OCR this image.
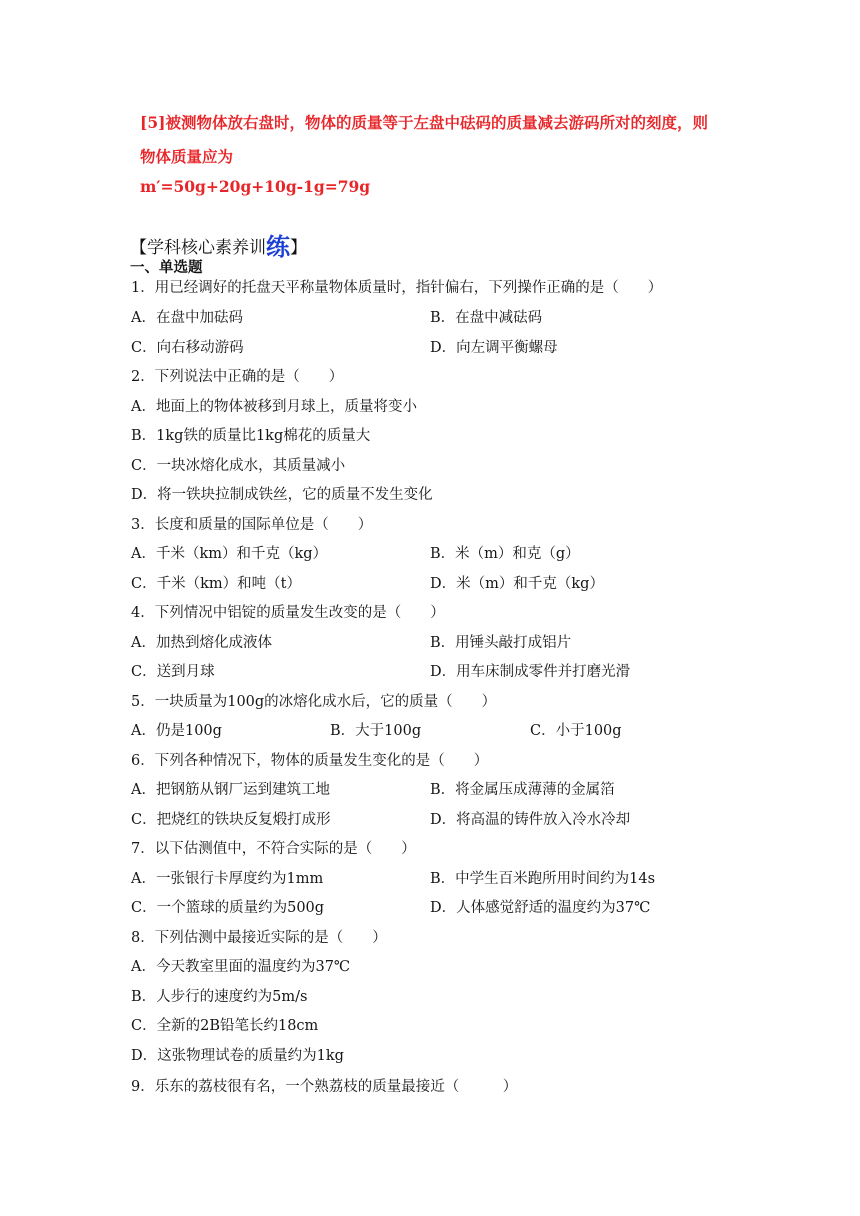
[5]被测物体放右盘时，物体的质量等于左盘中砝码的质量减去游码所对的刻度，则
物体质量应为
m′=50g+20g+10g-1g=79g
【学科核心素养训练】
一、单选题
1．用已经调好的托盘天平称量物体质量时，指针偏右，下列操作正确的是（　　）
A．在盘中加砝码	B．在盘中减砝码
C．向右移动游码	D．向左调平衡螺母
2．下列说法中正确的是（　　）
A．地面上的物体被移到月球上，质量将变小
B．1kg铁的质量比1kg棉花的质量大
C．一块冰熔化成水，其质量减小
D．将一铁块拉制成铁丝，它的质量不发生变化
3．长度和质量的国际单位是（　　）
A．千米（km）和千克（kg）	B．米（m）和克（g）
C．千米（km）和吨（t）	D．米（m）和千克（kg）
4．下列情况中铝锭的质量发生改变的是（　　）
A．加热到熔化成液体	B．用锤头敲打成铝片
C．送到月球	D．用车床制成零件并打磨光滑
5．一块质量为100g的冰熔化成水后，它的质量（　　）
A．仍是100g	B．大于100g	C．小于100g
6．下列各种情况下，物体的质量发生变化的是（　　）
A．把钢筋从钢厂运到建筑工地	B．将金属压成薄薄的金属箔
C．把烧红的铁块反复煅打成形	D．将高温的铸件放入冷水冷却
7．以下估测值中，不符合实际的是（　　）
A．一张银行卡厚度约为1mm	B．中学生百米跑所用时间约为14s
C．一个篮球的质量约为500g	D．人体感觉舒适的温度约为37℃
8．下列估测中最接近实际的是（　　）
A．今天教室里面的温度约为37℃
B．人步行的速度约为5m/s
C．全新的2B铅笔长约18cm
D．这张物理试卷的质量约为1kg
9．乐东的荔枝很有名，一个熟荔枝的质量最接近（　　　）
